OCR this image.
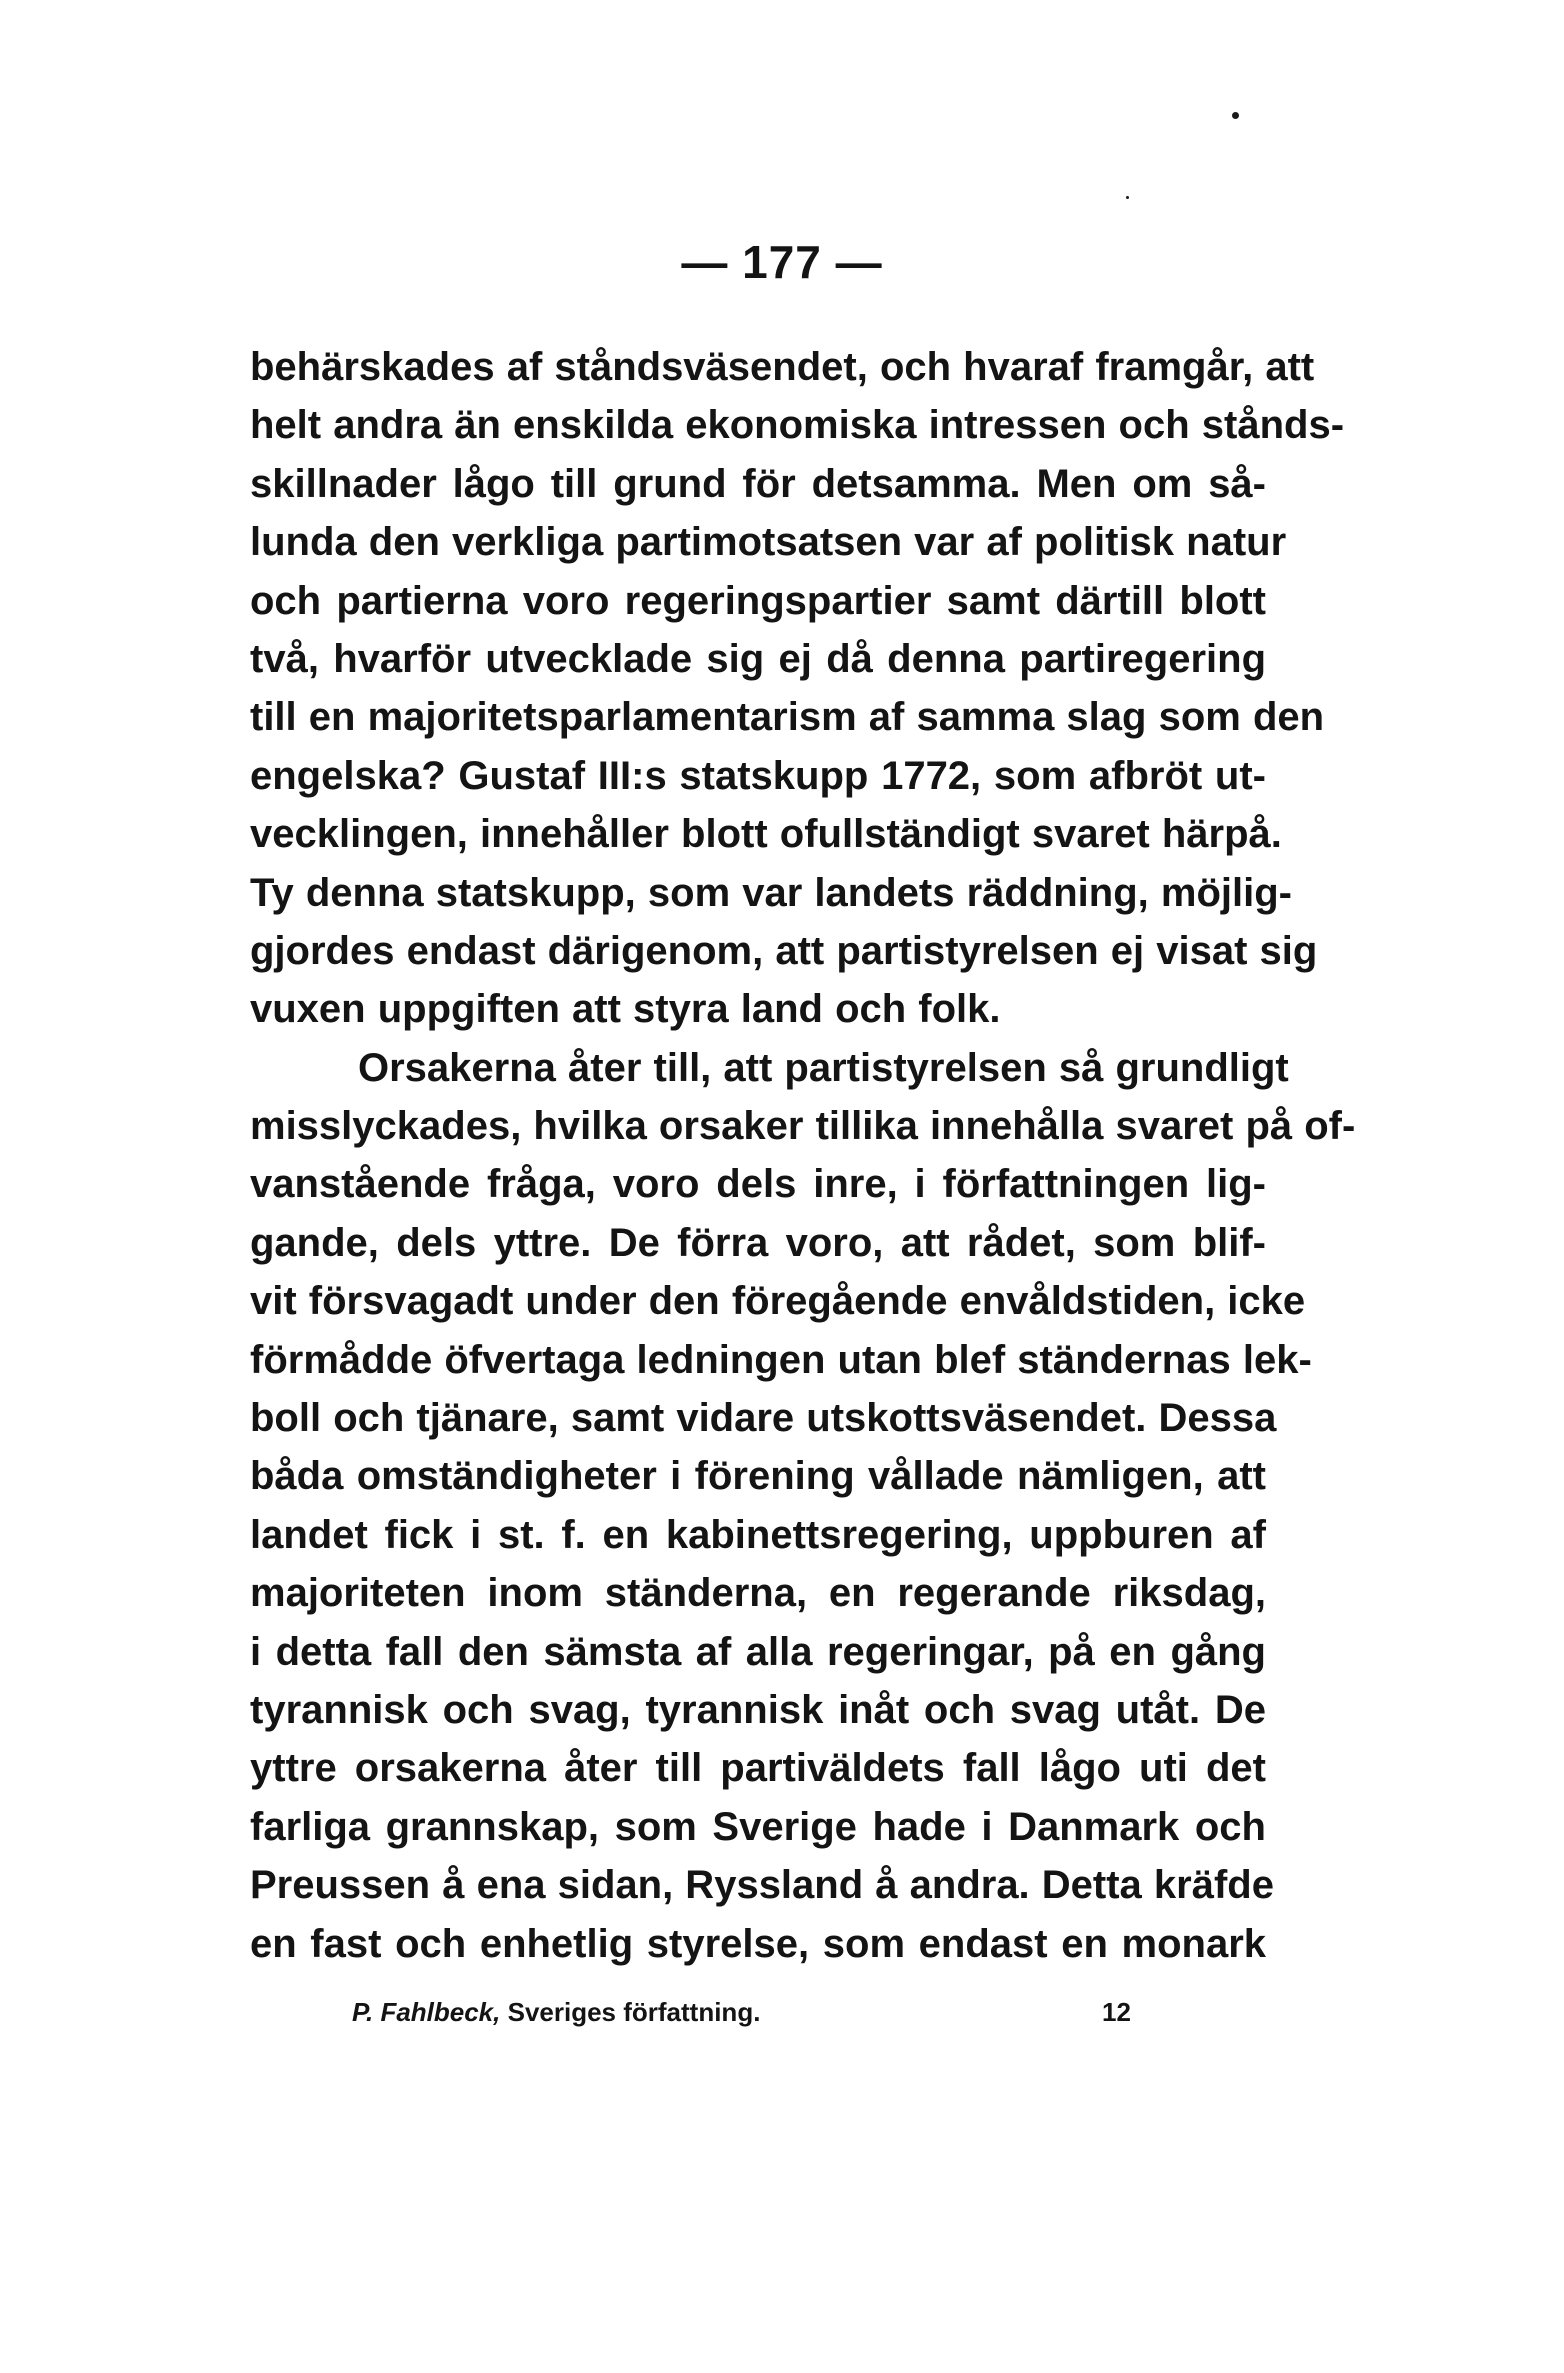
— 177 —
behärskades af ståndsväsendet, och hvaraf framgår, att
helt andra än enskilda ekonomiska intressen och stånds-
skillnader lågo till grund för detsamma. Men om så-
lunda den verkliga partimotsatsen var af politisk natur
och partierna voro regeringspartier samt därtill blott
två, hvarför utvecklade sig ej då denna partiregering
till en majoritetsparlamentarism af samma slag som den
engelska? Gustaf III:s statskupp 1772, som afbröt ut-
vecklingen, innehåller blott ofullständigt svaret härpå.
Ty denna statskupp, som var landets räddning, möjlig-
gjordes endast därigenom, att partistyrelsen ej visat sig
vuxen uppgiften att styra land och folk.
Orsakerna åter till, att partistyrelsen så grundligt
misslyckades, hvilka orsaker tillika innehålla svaret på of-
vanstående fråga, voro dels inre, i författningen lig-
gande, dels yttre. De förra voro, att rådet, som blif-
vit försvagadt under den föregående envåldstiden, icke
förmådde öfvertaga ledningen utan blef ständernas lek-
boll och tjänare, samt vidare utskottsväsendet. Dessa
båda omständigheter i förening vållade nämligen, att
landet fick i st. f. en kabinettsregering, uppburen af
majoriteten inom ständerna, en regerande riksdag,
i detta fall den sämsta af alla regeringar, på en gång
tyrannisk och svag, tyrannisk inåt och svag utåt. De
yttre orsakerna åter till partiväldets fall lågo uti det
farliga grannskap, som Sverige hade i Danmark och
Preussen å ena sidan, Ryssland å andra. Detta kräfde
en fast och enhetlig styrelse, som endast en monark
P. Fahlbeck, Sveriges författning.	12
